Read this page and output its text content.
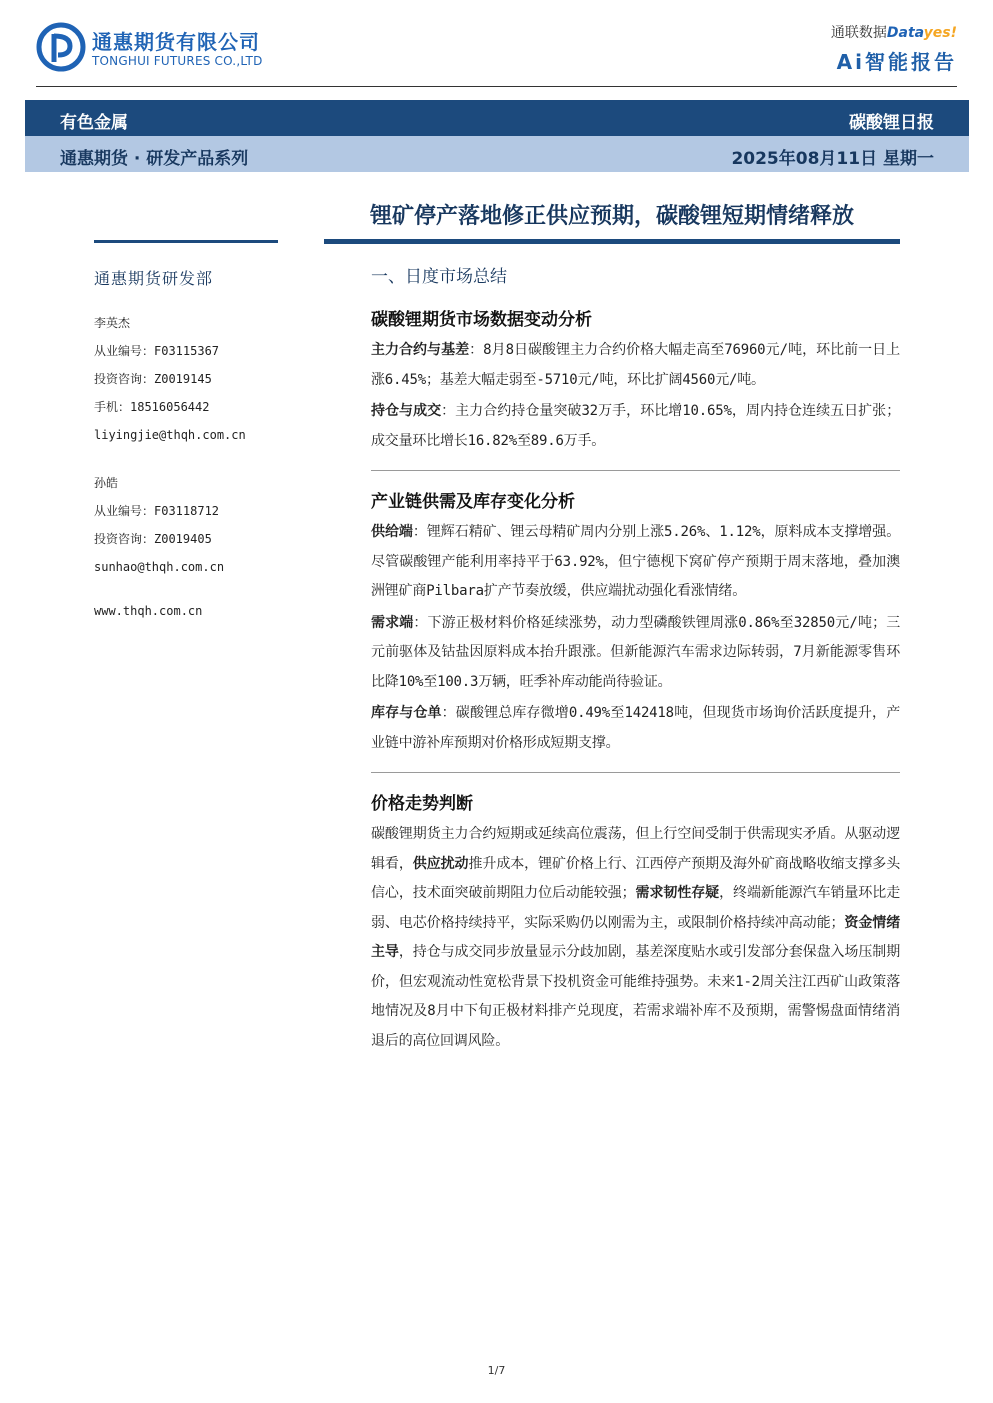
通惠期货有限公司
TONGHUI FUTURES CO.,LTD
通联数据Datayes!
Ai智能报告
有色金属	碳酸锂日报
通惠期货 · 研发产品系列	2025年08月11日 星期一
锂矿停产落地修正供应预期，碳酸锂短期情绪释放
通惠期货研发部
李英杰
从业编号：F03115367
投资咨询：Z0019145
手机：18516056442
liyingjie@thqh.com.cn
孙皓
从业编号：F03118712
投资咨询：Z0019405
sunhao@thqh.com.cn
www.thqh.com.cn
一、日度市场总结
碳酸锂期货市场数据变动分析

主力合约与基差：8月8日碳酸锂主力合约价格大幅走高至76960元/吨，环比前一日上涨6.45%；基差大幅走弱至-5710元/吨，环比扩阔4560元/吨。

持仓与成交：主力合约持仓量突破32万手，环比增10.65%，周内持仓连续五日扩张；成交量环比增长16.82%至89.6万手。

产业链供需及库存变化分析

供给端：锂辉石精矿、锂云母精矿周内分别上涨5.26%、1.12%，原料成本支撑增强。尽管碳酸锂产能利用率持平于63.92%，但宁德枧下窝矿停产预期于周末落地，叠加澳洲锂矿商Pilbara扩产节奏放缓，供应端扰动强化看涨情绪。

需求端：下游正极材料价格延续涨势，动力型磷酸铁锂周涨0.86%至32850元/吨；三元前驱体及钴盐因原料成本抬升跟涨。但新能源汽车需求边际转弱，7月新能源零售环比降10%至100.3万辆，旺季补库动能尚待验证。

库存与仓单：碳酸锂总库存微增0.49%至142418吨，但现货市场询价活跃度提升，产业链中游补库预期对价格形成短期支撑。

价格走势判断

碳酸锂期货主力合约短期或延续高位震荡，但上行空间受制于供需现实矛盾。从驱动逻辑看，供应扰动推升成本，锂矿价格上行、江西停产预期及海外矿商战略收缩支撑多头信心，技术面突破前期阻力位后动能较强；需求韧性存疑，终端新能源汽车销量环比走弱、电芯价格持续持平，实际采购仍以刚需为主，或限制价格持续冲高动能；资金情绪主导，持仓与成交同步放量显示分歧加剧，基差深度贴水或引发部分套保盘入场压制期价，但宏观流动性宽松背景下投机资金可能维持强势。未来1-2周关注江西矿山政策落地情况及8月中下旬正极材料排产兑现度，若需求端补库不及预期，需警惕盘面情绪消退后的高位回调风险。

1/7
